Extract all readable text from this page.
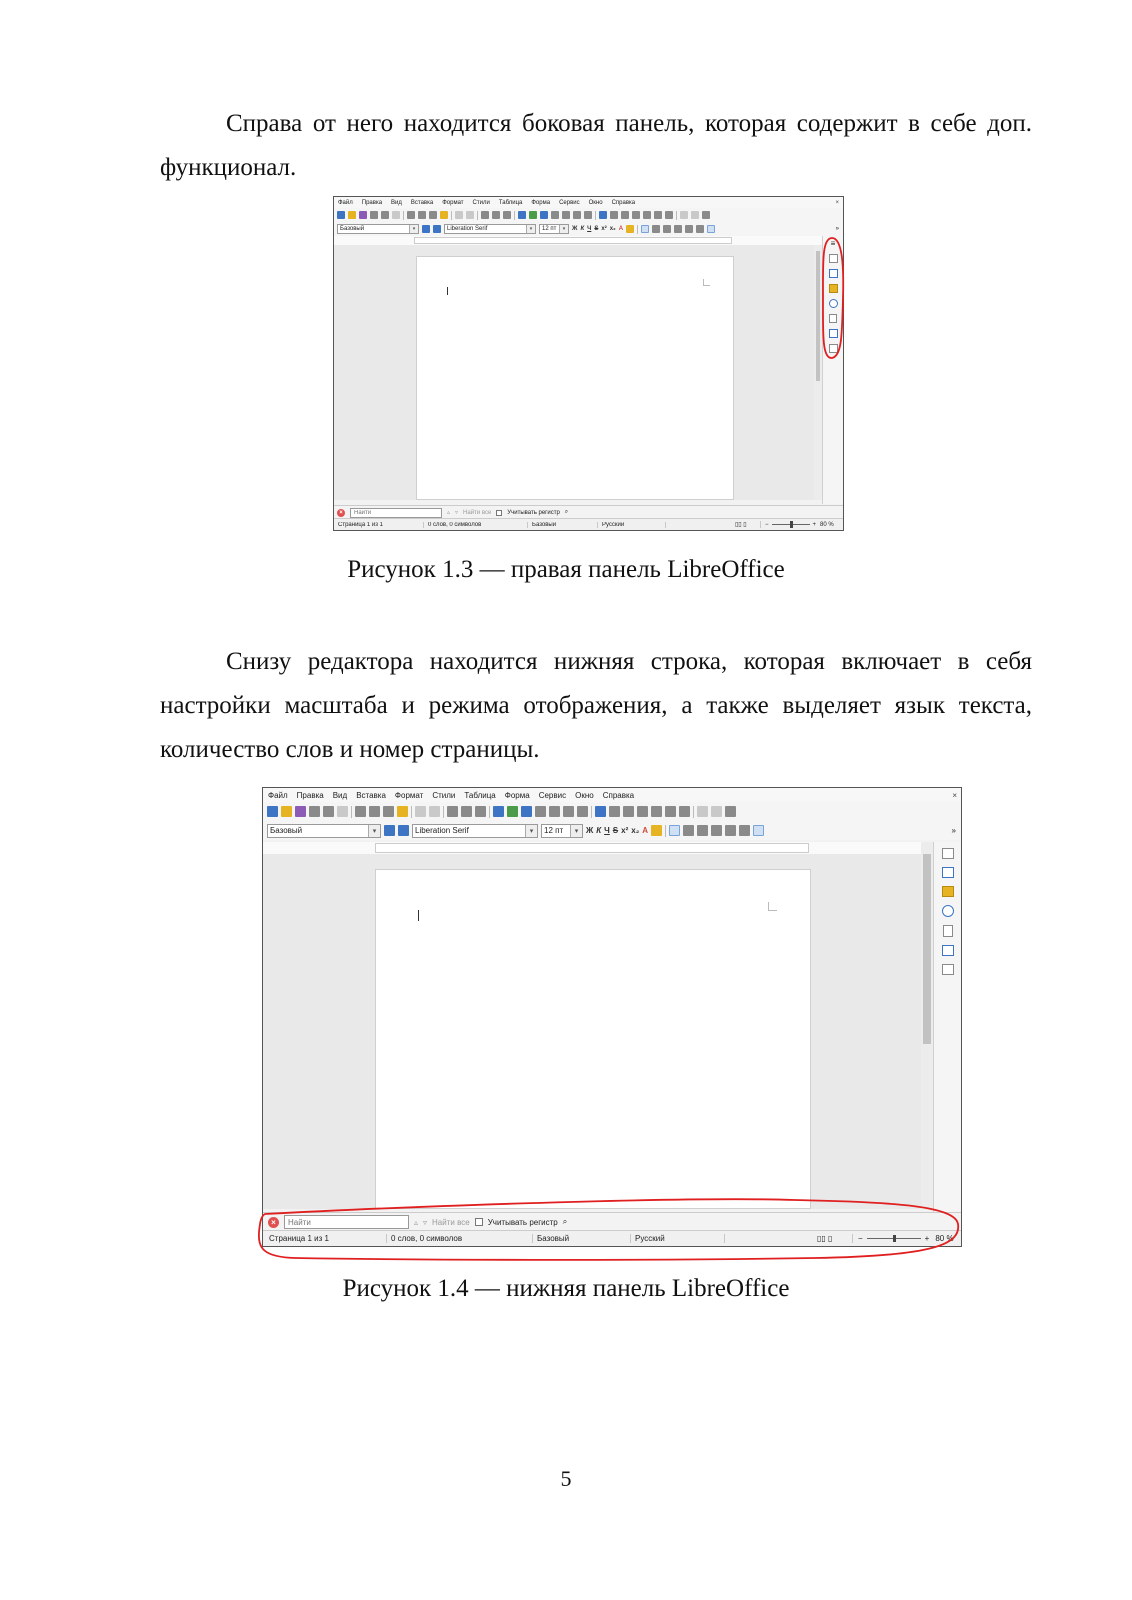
Справа от него находится боковая панель, которая содержит в себе доп. функционал.

Файл Правка Вид Вставка Формат Стили Таблица Форма Сервис Окно Справка	×
Базовый	▾	Liberation Serif	▾	12 пт	▾	Ж К Ч S x² x₂ A	»
≡
×
Найти	▵ ▿ Найти все	Учитывать регистр ⌕
Страница 1 из 1	0 слов, 0 символов	Базовый	Русский	▯▯ ▯	−	+ 80 %

Рисунок 1.3 — правая панель LibreOffice

Снизу редактора находится нижняя строка, которая включает в себя настройки масштаба и режима отображения, а также выделяет язык текста, количество слов и номер страницы.

Файл Правка Вид Вставка Формат Стили Таблица Форма Сервис Окно Справка	×
Базовый	▾	Liberation Serif	▾	12 пт	▾ Ж К Ч S x² x₂ A	»
×
Найти	▵ ▿ Найти все Учитывать регистр ⌕
Страница 1 из 1	0 слов, 0 символов	Базовый	Русский	▯▯ ▯	−	+ 80 %

Рисунок 1.4 — нижняя панель LibreOffice

5
